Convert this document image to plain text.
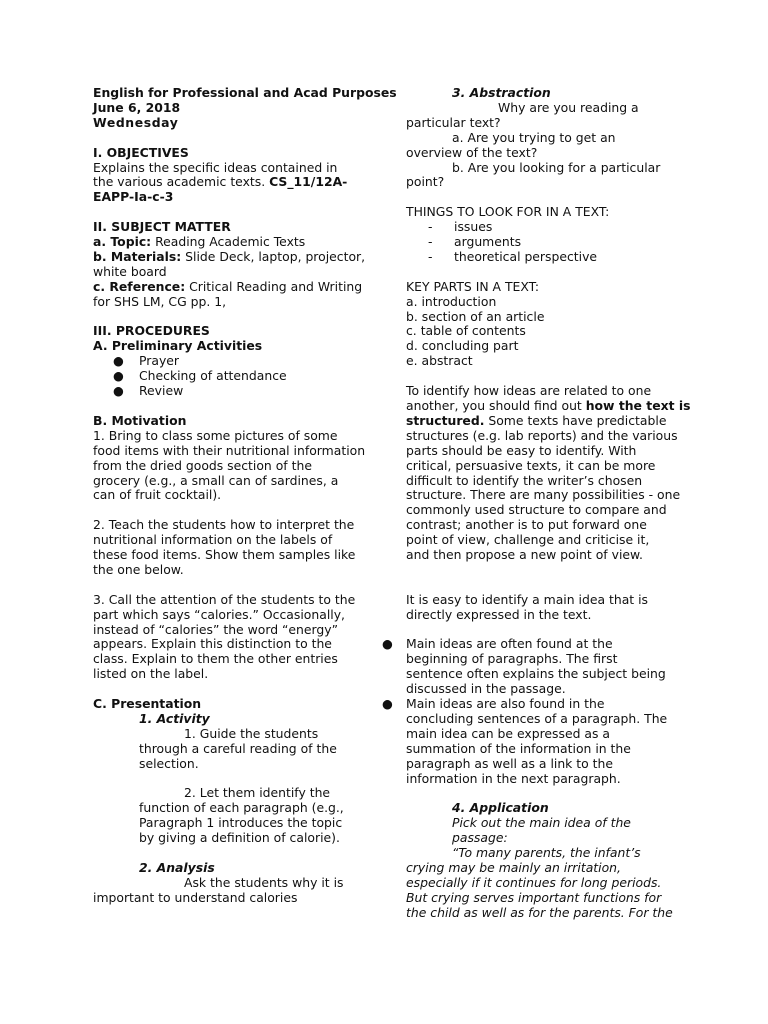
English for Professional and Acad Purposes
June 6, 2018
Wednesday
I. OBJECTIVES
Explains the specific ideas contained in
the various academic texts. CS_11/12A-
EAPP-Ia-c-3
II. SUBJECT MATTER
a. Topic: Reading Academic Texts
b. Materials: Slide Deck, laptop, projector,
white board
c. Reference: Critical Reading and Writing
for SHS LM, CG pp. 1,
III. PROCEDURES
A. Preliminary Activities
● Prayer
● Checking of attendance
● Review
B. Motivation
1. Bring to class some pictures of some
food items with their nutritional information
from the dried goods section of the
grocery (e.g., a small can of sardines, a
can of fruit cocktail).
2. Teach the students how to interpret the
nutritional information on the labels of
these food items. Show them samples like
the one below.
3. Call the attention of the students to the
part which says “calories.” Occasionally,
instead of “calories” the word “energy”
appears. Explain this distinction to the
class. Explain to them the other entries
listed on the label.
C. Presentation
1. Activity
1. Guide the students
through a careful reading of the
selection.
2. Let them identify the
function of each paragraph (e.g.,
Paragraph 1 introduces the topic
by giving a definition of calorie).
2. Analysis
Ask the students why it is
important to understand calories
3. Abstraction
Why are you reading a
particular text?
a. Are you trying to get an
overview of the text?
b. Are you looking for a particular
point?
THINGS TO LOOK FOR IN A TEXT:
- issues
- arguments
- theoretical perspective
KEY PARTS IN A TEXT:
a. introduction
b. section of an article
c. table of contents
d. concluding part
e. abstract
To identify how ideas are related to one
another, you should find out how the text is
structured. Some texts have predictable
structures (e.g. lab reports) and the various
parts should be easy to identify. With
critical, persuasive texts, it can be more
difficult to identify the writer’s chosen
structure. There are many possibilities - one
commonly used structure to compare and
contrast; another is to put forward one
point of view, challenge and criticise it,
and then propose a new point of view.
It is easy to identify a main idea that is
directly expressed in the text.
● Main ideas are often found at the
beginning of paragraphs. The first
sentence often explains the subject being
discussed in the passage.
● Main ideas are also found in the
concluding sentences of a paragraph. The
main idea can be expressed as a
summation of the information in the
paragraph as well as a link to the
information in the next paragraph.
4. Application
Pick out the main idea of the
passage:
“To many parents, the infant’s
crying may be mainly an irritation,
especially if it continues for long periods.
But crying serves important functions for
the child as well as for the parents. For the
